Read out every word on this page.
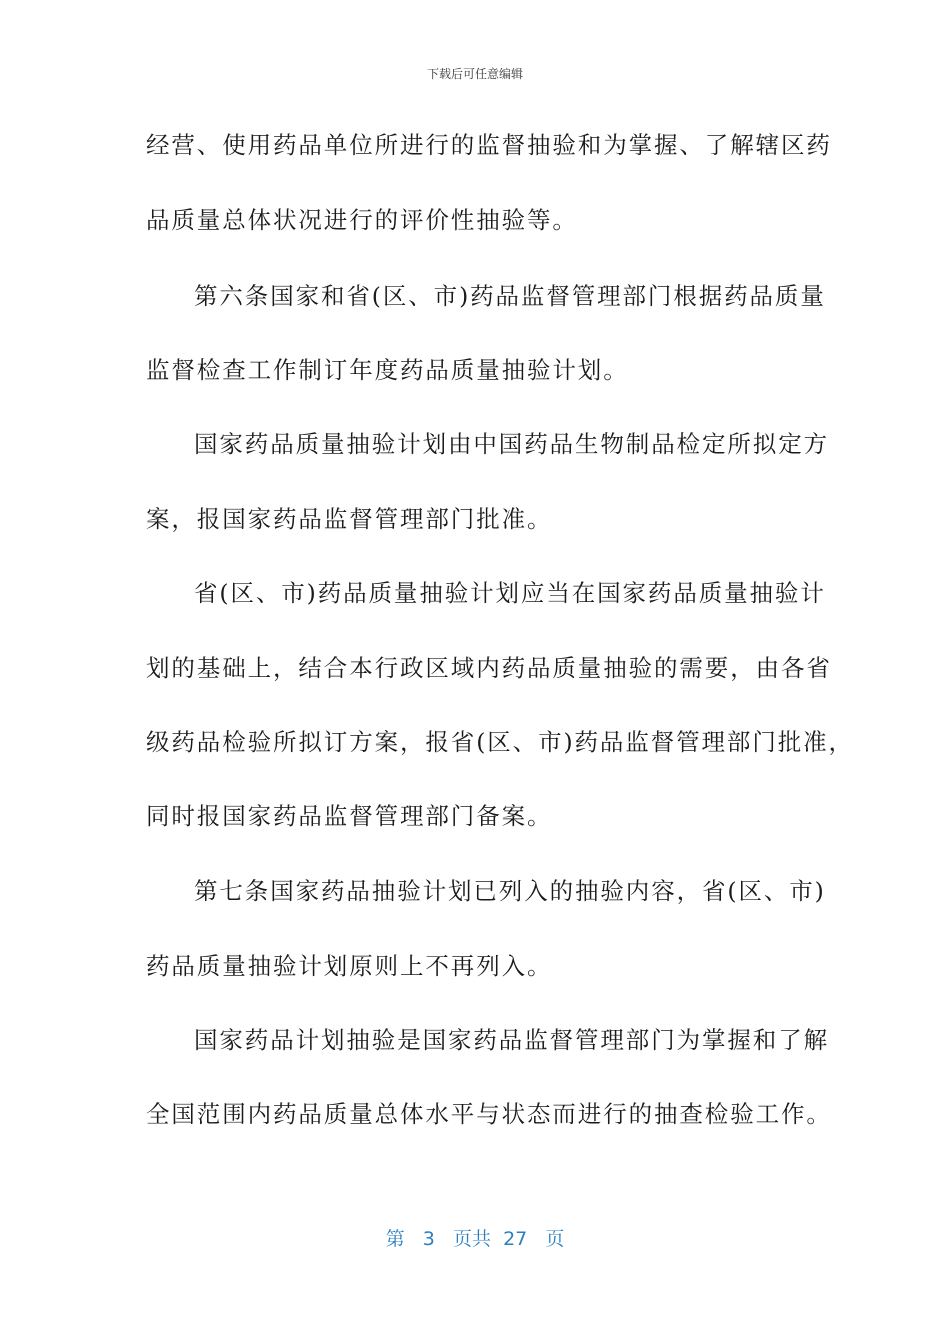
下载后可任意编辑
经营、使用药品单位所进行的监督抽验和为掌握、了解辖区药
品质量总体状况进行的评价性抽验等。
第六条国家和省(区、市)药品监督管理部门根据药品质量
监督检查工作制订年度药品质量抽验计划。
国家药品质量抽验计划由中国药品生物制品检定所拟定方
案，报国家药品监督管理部门批准。
省(区、市)药品质量抽验计划应当在国家药品质量抽验计
划的基础上，结合本行政区域内药品质量抽验的需要，由各省
级药品检验所拟订方案，报省(区、市)药品监督管理部门批准，
同时报国家药品监督管理部门备案。
第七条国家药品抽验计划已列入的抽验内容，省(区、市)
药品质量抽验计划原则上不再列入。
国家药品计划抽验是国家药品监督管理部门为掌握和了解
全国范围内药品质量总体水平与状态而进行的抽查检验工作。
第 3 页共 27 页
